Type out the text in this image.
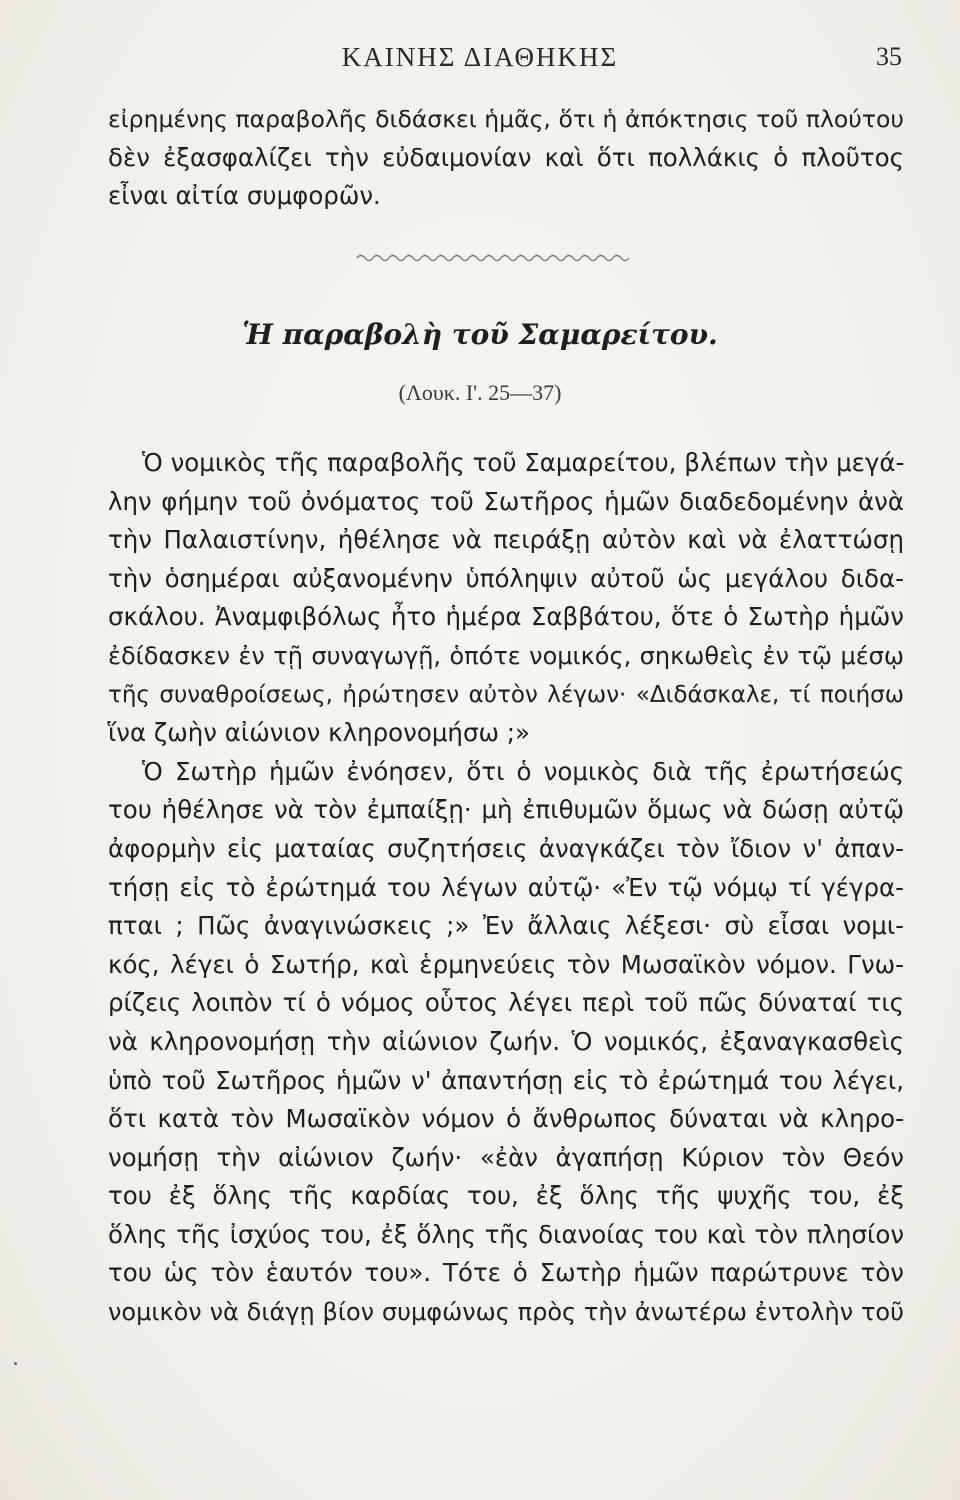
ΚΑΙΝΗΣ ΔΙΑΘΗΚΗΣ	35
εἰρημένης παραβολῆς διδάσκει ἡμᾶς, ὅτι ἡ ἀπόκτησις τοῦ πλούτου
δὲν ἐξασφαλίζει τὴν εὐδαιμονίαν καὶ ὅτι πολλάκις ὁ πλοῦτος
εἶναι αἰτία συμφορῶν.
Ἡ παραβολὴ τοῦ Σαμαρείτου.
(Λουκ. Ι'. 25—37)
Ὁ νομικὸς τῆς παραβολῆς τοῦ Σαμαρείτου, βλέπων τὴν μεγά-
λην φήμην τοῦ ὀνόματος τοῦ Σωτῆρος ἡμῶν διαδεδομένην ἀνὰ
τὴν Παλαιστίνην, ἠθέλησε νὰ πειράξῃ αὐτὸν καὶ νὰ ἐλαττώσῃ
τὴν ὁσημέραι αὐξανομένην ὑπόληψιν αὐτοῦ ὡς μεγάλου διδα-
σκάλου. Ἀναμφιβόλως ἦτο ἡμέρα Σαββάτου, ὅτε ὁ Σωτὴρ ἡμῶν
ἐδίδασκεν ἐν τῇ συναγωγῇ, ὁπότε νομικός, σηκωθεὶς ἐν τῷ μέσῳ
τῆς συναθροίσεως, ἠρώτησεν αὐτὸν λέγων· «Διδάσκαλε, τί ποιήσω
ἵνα ζωὴν αἰώνιον κληρονομήσω ;»
Ὁ Σωτὴρ ἡμῶν ἐνόησεν, ὅτι ὁ νομικὸς διὰ τῆς ἐρωτήσεώς
του ἠθέλησε νὰ τὸν ἐμπαίξῃ· μὴ ἐπιθυμῶν ὅμως νὰ δώσῃ αὐτῷ
ἀφορμὴν εἰς ματαίας συζητήσεις ἀναγκάζει τὸν ἴδιον ν' ἀπαν-
τήσῃ εἰς τὸ ἐρώτημά του λέγων αὐτῷ· «Ἐν τῷ νόμῳ τί γέγρα-
πται ; Πῶς ἀναγινώσκεις ;» Ἐν ἄλλαις λέξεσι· σὺ εἶσαι νομι-
κός, λέγει ὁ Σωτήρ, καὶ ἑρμηνεύεις τὸν Μωσαϊκὸν νόμον. Γνω-
ρίζεις λοιπὸν τί ὁ νόμος οὗτος λέγει περὶ τοῦ πῶς δύναταί τις
νὰ κληρονομήσῃ τὴν αἰώνιον ζωήν. Ὁ νομικός, ἐξαναγκασθεὶς
ὑπὸ τοῦ Σωτῆρος ἡμῶν ν' ἀπαντήσῃ εἰς τὸ ἐρώτημά του λέγει,
ὅτι κατὰ τὸν Μωσαϊκὸν νόμον ὁ ἄνθρωπος δύναται νὰ κληρο-
νομήσῃ τὴν αἰώνιον ζωήν· «ἐὰν ἀγαπήσῃ Κύριον τὸν Θεόν
του ἐξ ὅλης τῆς καρδίας του, ἐξ ὅλης τῆς ψυχῆς του, ἐξ
ὅλης τῆς ἰσχύος του, ἐξ ὅλης τῆς διανοίας του καὶ τὸν πλησίον
του ὡς τὸν ἑαυτόν του». Τότε ὁ Σωτὴρ ἡμῶν παρώτρυνε τὸν
νομικὸν νὰ διάγῃ βίον συμφώνως πρὸς τὴν ἀνωτέρω ἐντολὴν τοῦ
